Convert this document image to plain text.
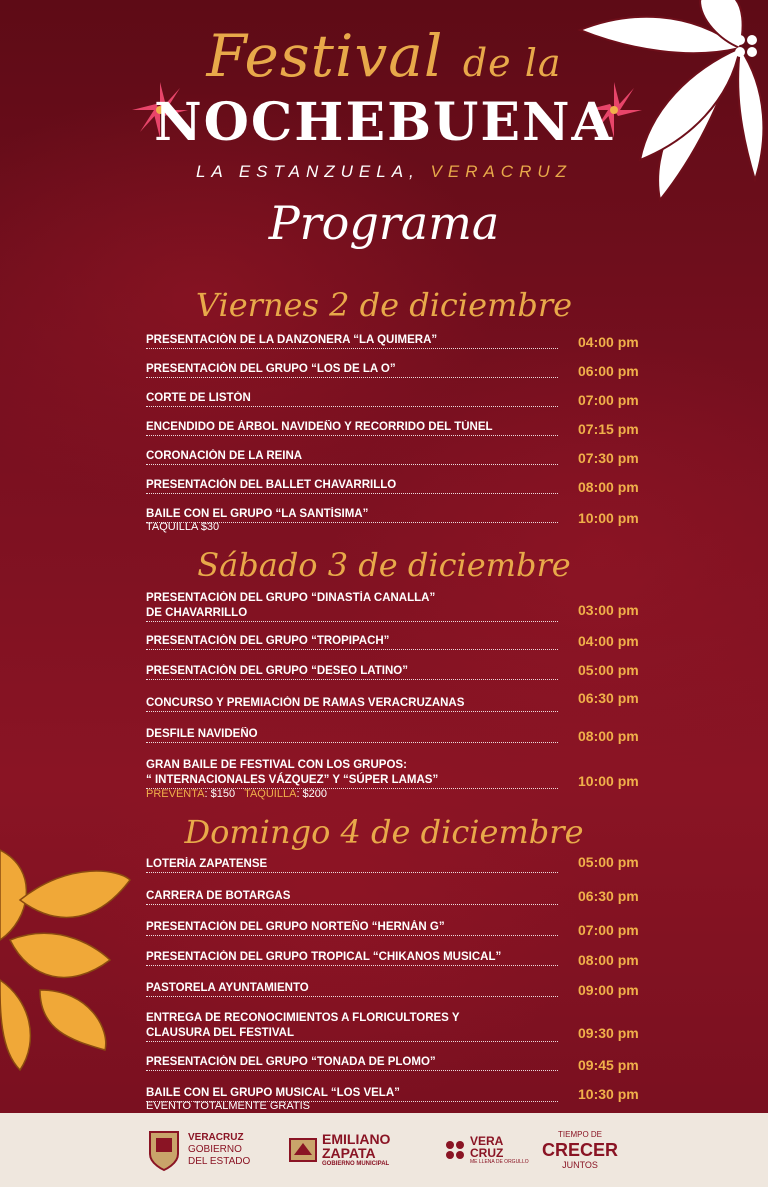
Festival de la
NOCHEBUENA
LA ESTANZUELA, VERACRUZ
Programa
Viernes 2 de diciembre
PRESENTACIÓN DE LA DANZONERA “LA QUIMERA”	04:00 pm
PRESENTACIÓN DEL GRUPO “LOS DE LA O”	06:00 pm
CORTE DE LISTÓN	07:00 pm
ENCENDIDO DE ÁRBOL NAVIDEÑO Y RECORRIDO DEL TÚNEL	07:15 pm
CORONACIÓN DE LA REINA	07:30 pm
PRESENTACIÓN DEL BALLET CHAVARRILLO	08:00 pm
BAILE CON EL GRUPO “LA SANTÍSIMA”	10:00 pm
TAQUILLA $30
Sábado 3 de diciembre
PRESENTACIÓN DEL GRUPO “DINASTÍA CANALLA”
DE CHAVARRILLO	03:00 pm
PRESENTACIÓN DEL GRUPO “TROPIPACH”	04:00 pm
PRESENTACIÓN DEL GRUPO “DESEO LATINO”	05:00 pm
CONCURSO Y PREMIACIÓN DE RAMAS VERACRUZANAS	06:30 pm
DESFILE NAVIDEÑO	08:00 pm
GRAN BAILE DE FESTIVAL CON LOS GRUPOS:
“ INTERNACIONALES VÁZQUEZ” Y “SÚPER LAMAS”	10:00 pm
PREVENTA: $150 TAQUILLA: $200
Domingo 4 de diciembre
LOTERÍA ZAPATENSE	05:00 pm
CARRERA DE BOTARGAS	06:30 pm
PRESENTACIÓN DEL GRUPO NORTEÑO “HERNÁN G”	07:00 pm
PRESENTACIÓN DEL GRUPO TROPICAL “CHIKANOS MUSICAL”	08:00 pm
PASTORELA AYUNTAMIENTO	09:00 pm
ENTREGA DE RECONOCIMIENTOS A FLORICULTORES Y
CLAUSURA DEL FESTIVAL	09:30 pm
PRESENTACIÓN DEL GRUPO “TONADA DE PLOMO”	09:45 pm
BAILE CON EL GRUPO MUSICAL “LOS VELA”	10:30 pm
EVENTO TOTALMENTE GRATIS
VERACRUZ
GOBIERNO
DEL ESTADO
EMILIANO
ZAPATA
GOBIERNO MUNICIPAL
VERA
CRUZ
ME LLENA DE ORGULLO
TIEMPO DE
CRECER
JUNTOS
